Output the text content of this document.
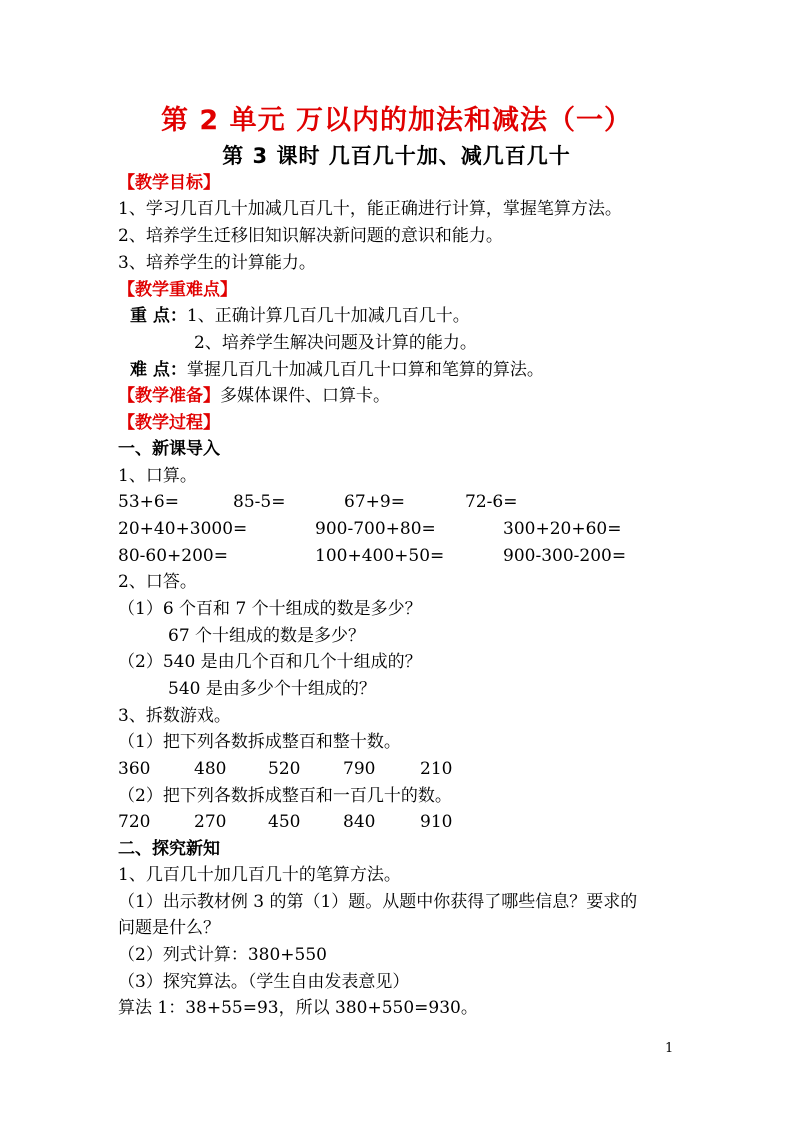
第 2 单元 万以内的加法和减法（一）
第 3 课时 几百几十加、减几百几十
【教学目标】
1、学习几百几十加减几百几十，能正确进行计算，掌握笔算方法。
2、培养学生迁移旧知识解决新问题的意识和能力。
3、培养学生的计算能力。
【教学重难点】
重 点：1、正确计算几百几十加减几百几十。
2、培养学生解决问题及计算的能力。
难 点：掌握几百几十加减几百几十口算和笔算的算法。
【教学准备】多媒体课件、口算卡。
【教学过程】
一、新课导入
1、口算。
53+6=	85-5=	67+9=	72-6=
20+40+3000=	900-700+80=	300+20+60=
80-60+200=	100+400+50=	900-300-200=
2、口答。
（1）6 个百和 7 个十组成的数是多少？
67 个十组成的数是多少？
（2）540 是由几个百和几个十组成的？
540 是由多少个十组成的？
3、拆数游戏。
（1）把下列各数拆成整百和整十数。
360	480 520	790	210
（2）把下列各数拆成整百和一百几十的数。
720	270 450	840	910
二、探究新知
1、几百几十加几百几十的笔算方法。
（1）出示教材例 3 的第（1）题。从题中你获得了哪些信息？要求的
问题是什么？
（2）列式计算：380+550
（3）探究算法。（学生自由发表意见）
算法 1：38+55=93，所以 380+550=930。
1
